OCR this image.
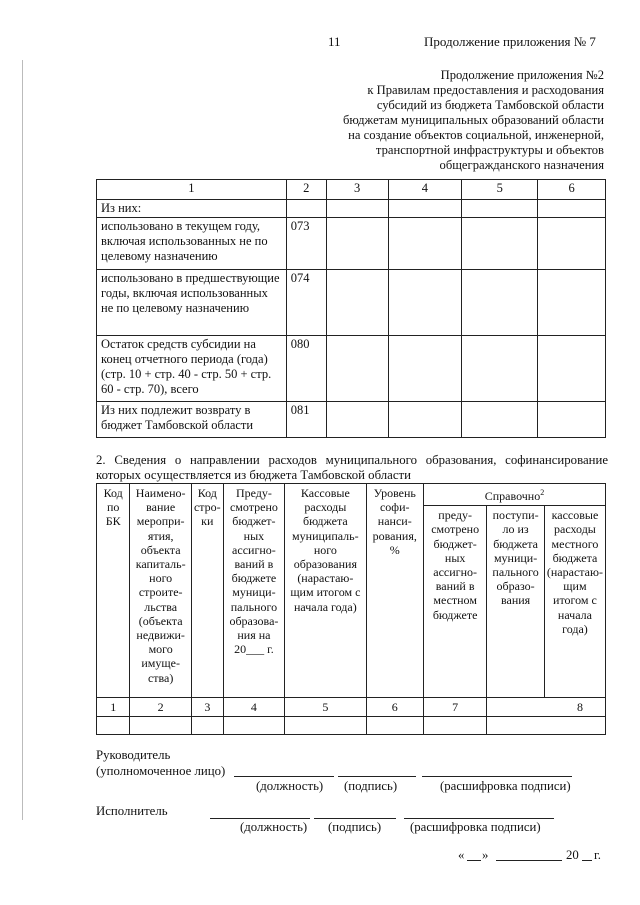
11	Продолжение приложения № 7
Продолжение приложения №2
к Правилам предоставления и расходования
субсидий из бюджета Тамбовской области
бюджетам муниципальных образований области
на создание объектов социальной, инженерной,
транспортной инфраструктуры и объектов
общегражданского назначения
1	2	3	4	5	6
Из них:					
использовано в текущем году, включая использованных не по целевому назначению	073				
использовано в предшествующие годы, включая использованных не по целевому назначению	074				
Остаток средств субсидии на конец отчетного периода (года) (стр. 10 + стр. 40 - стр. 50 + стр. 60 - стр. 70), всего	080				
Из них подлежит возврату в бюджет Тамбовской области	081				
2. Сведения о направлении расходов муниципального образования, софинансирование которых осуществляется из бюджета Тамбовской области
Код по БК	Наимено-вание меропри-ятия, объекта капиталь-ного строите-льства (объекта недвижи-мого имуще-ства)	Код стро-ки	Преду-смотрено бюджет-ных ассигно-ваний в бюджете муници-пального образова-ния на 20___ г.	Кассовые расходы бюджета муниципаль-ного образования (нарастаю-щим итогом с начала года)	Уровень софи-нанси-рования, %	Справочно$^2$
						преду-смотрено бюджет-ных ассигно-ваний в местном бюджете	поступи-ло из бюджета муници-пального образо-вания	кассовые расходы местного бюджета (нарастаю-щим итогом с начала года)
1	2	3	4	5	6	7	8	

Руководитель
(уполномоченное лицо)
(должность) (подпись)	(расшифровка подписи)
Исполнитель
(должность) (подпись) (расшифровка подписи)
« »	20 г.
